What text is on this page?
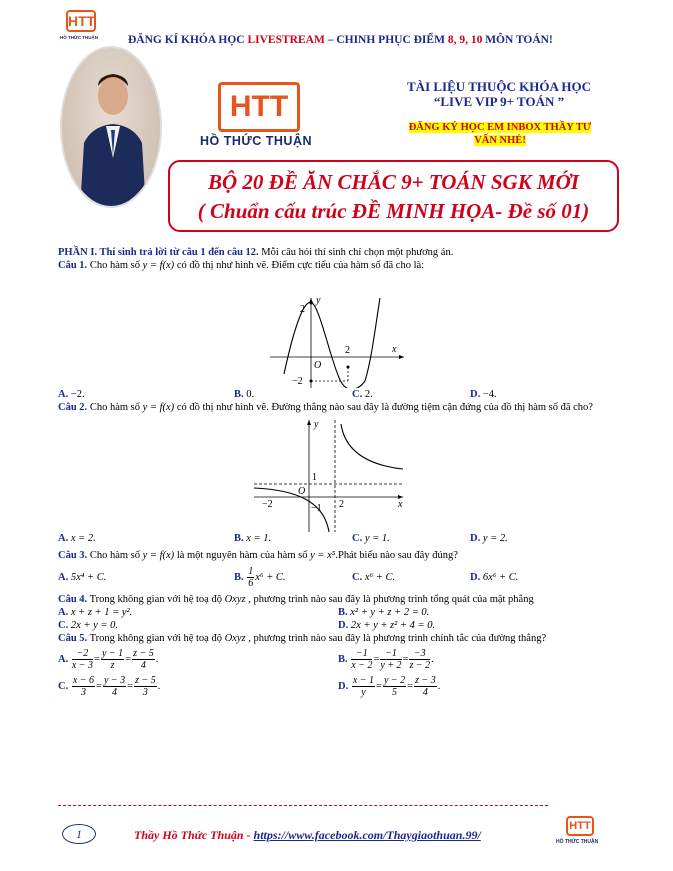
HTT
HỒ THỨC THUẬN	ĐĂNG KÍ KHÓA HỌC LIVESTREAM – CHINH PHỤC ĐIỂM 8, 9, 10 MÔN TOÁN!
HTT
HỒ THỨC THUẬN
TÀI LIỆU THUỘC KHÓA HỌC
“LIVE VIP 9+ TOÁN ”
ĐĂNG KÝ HỌC EM INBOX THẦY TƯ
VẤN NHÉ!
BỘ 20 ĐỀ ĂN CHẮC 9+ TOÁN SGK MỚI
( Chuẩn cấu trúc ĐỀ MINH HỌA- Đề số 01)
PHẦN I. Thí sinh trả lời từ câu 1 đến câu 12. Mỗi câu hỏi thí sinh chỉ chọn một phương án.
Câu 1. Cho hàm số y = f(x) có đồ thị như hình vẽ. Điểm cực tiểu của hàm số đã cho là:
y
x
O
2
2
−2
A. −2.	B. 0.	C. 2.	D. −4.
Câu 2. Cho hàm số y = f(x) có đồ thị như hình vẽ. Đường thẳng nào sau đây là đường tiệm cận đứng của đồ thị hàm số đã cho?
y
x
O
1
−1
−2	2
A. x = 2.	B. x = 1.	C. y = 1.	D. y = 2.
Câu 3. Cho hàm số y = f(x) là một nguyên hàm của hàm số y = x⁵.Phát biểu nào sau đây đúng?
A. 5x⁴ + C.	B. $\frac{1}{6} x^6 + C$.	C. x⁶ + C.	D. 6x⁶ + C.
Câu 4. Trong không gian với hệ toạ độ Oxyz , phương trình nào sau đây là phương trình tổng quát của mặt phẳng
A. x + z + 1 = y².	B. x² + y + z + 2 = 0.
C. 2x + y = 0.	D. 2x + y + z² + 4 = 0.
Câu 5. Trong không gian với hệ toạ độ Oxyz , phương trình nào sau đây là phương trình chính tắc của đường thẳng?
A. $\frac{-2}{x - 3} = \frac{y - 1}{z} = \frac{z - 5}{4}$ .	B. $\frac{-1}{x - 2} = \frac{-1}{y + 2} = \frac{-3}{z - 2}$ .
C. $\frac{x - 6}{3} = \frac{y - 3}{4} = \frac{z - 5}{3}$ .	D. $\frac{x - 1}{y} = \frac{y - 2}{5} = \frac{z - 3}{4}$ .
1	Thầy Hồ Thức Thuận - https://www.facebook.com/Thaygiaothuan.99/
HTT
HỒ THỨC THUẬN
